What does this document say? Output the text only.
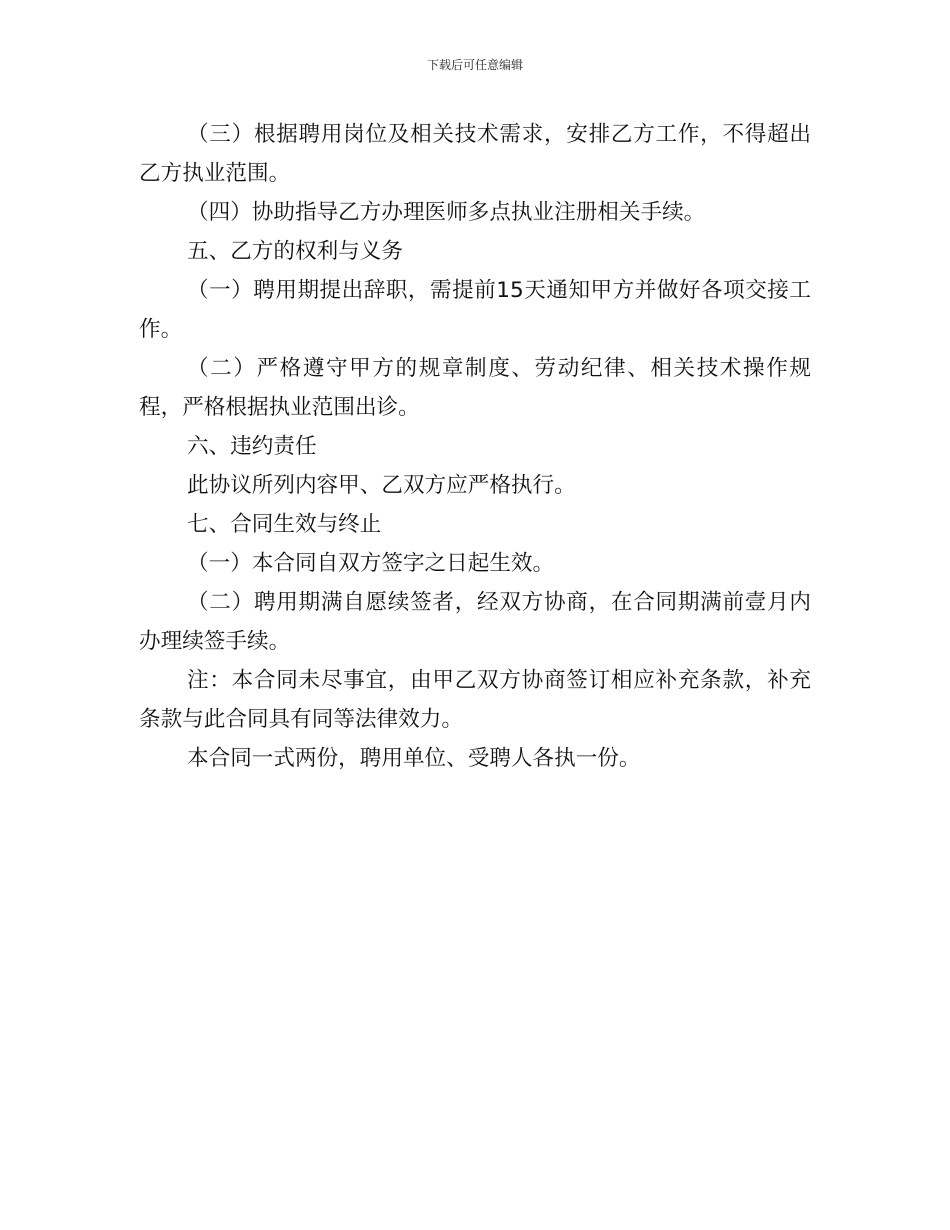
下载后可任意编辑

（三）根据聘用岗位及相关技术需求，安排乙方工作，不得超出乙方执业范围。

（四）协助指导乙方办理医师多点执业注册相关手续。

五、乙方的权利与义务

（一）聘用期提出辞职，需提前15天通知甲方并做好各项交接工作。

（二）严格遵守甲方的规章制度、劳动纪律、相关技术操作规程，严格根据执业范围出诊。

六、违约责任

此协议所列内容甲、乙双方应严格执行。

七、合同生效与终止

（一）本合同自双方签字之日起生效。

（二）聘用期满自愿续签者，经双方协商，在合同期满前壹月内办理续签手续。

注：本合同未尽事宜，由甲乙双方协商签订相应补充条款，补充条款与此合同具有同等法律效力。

本合同一式两份，聘用单位、受聘人各执一份。
